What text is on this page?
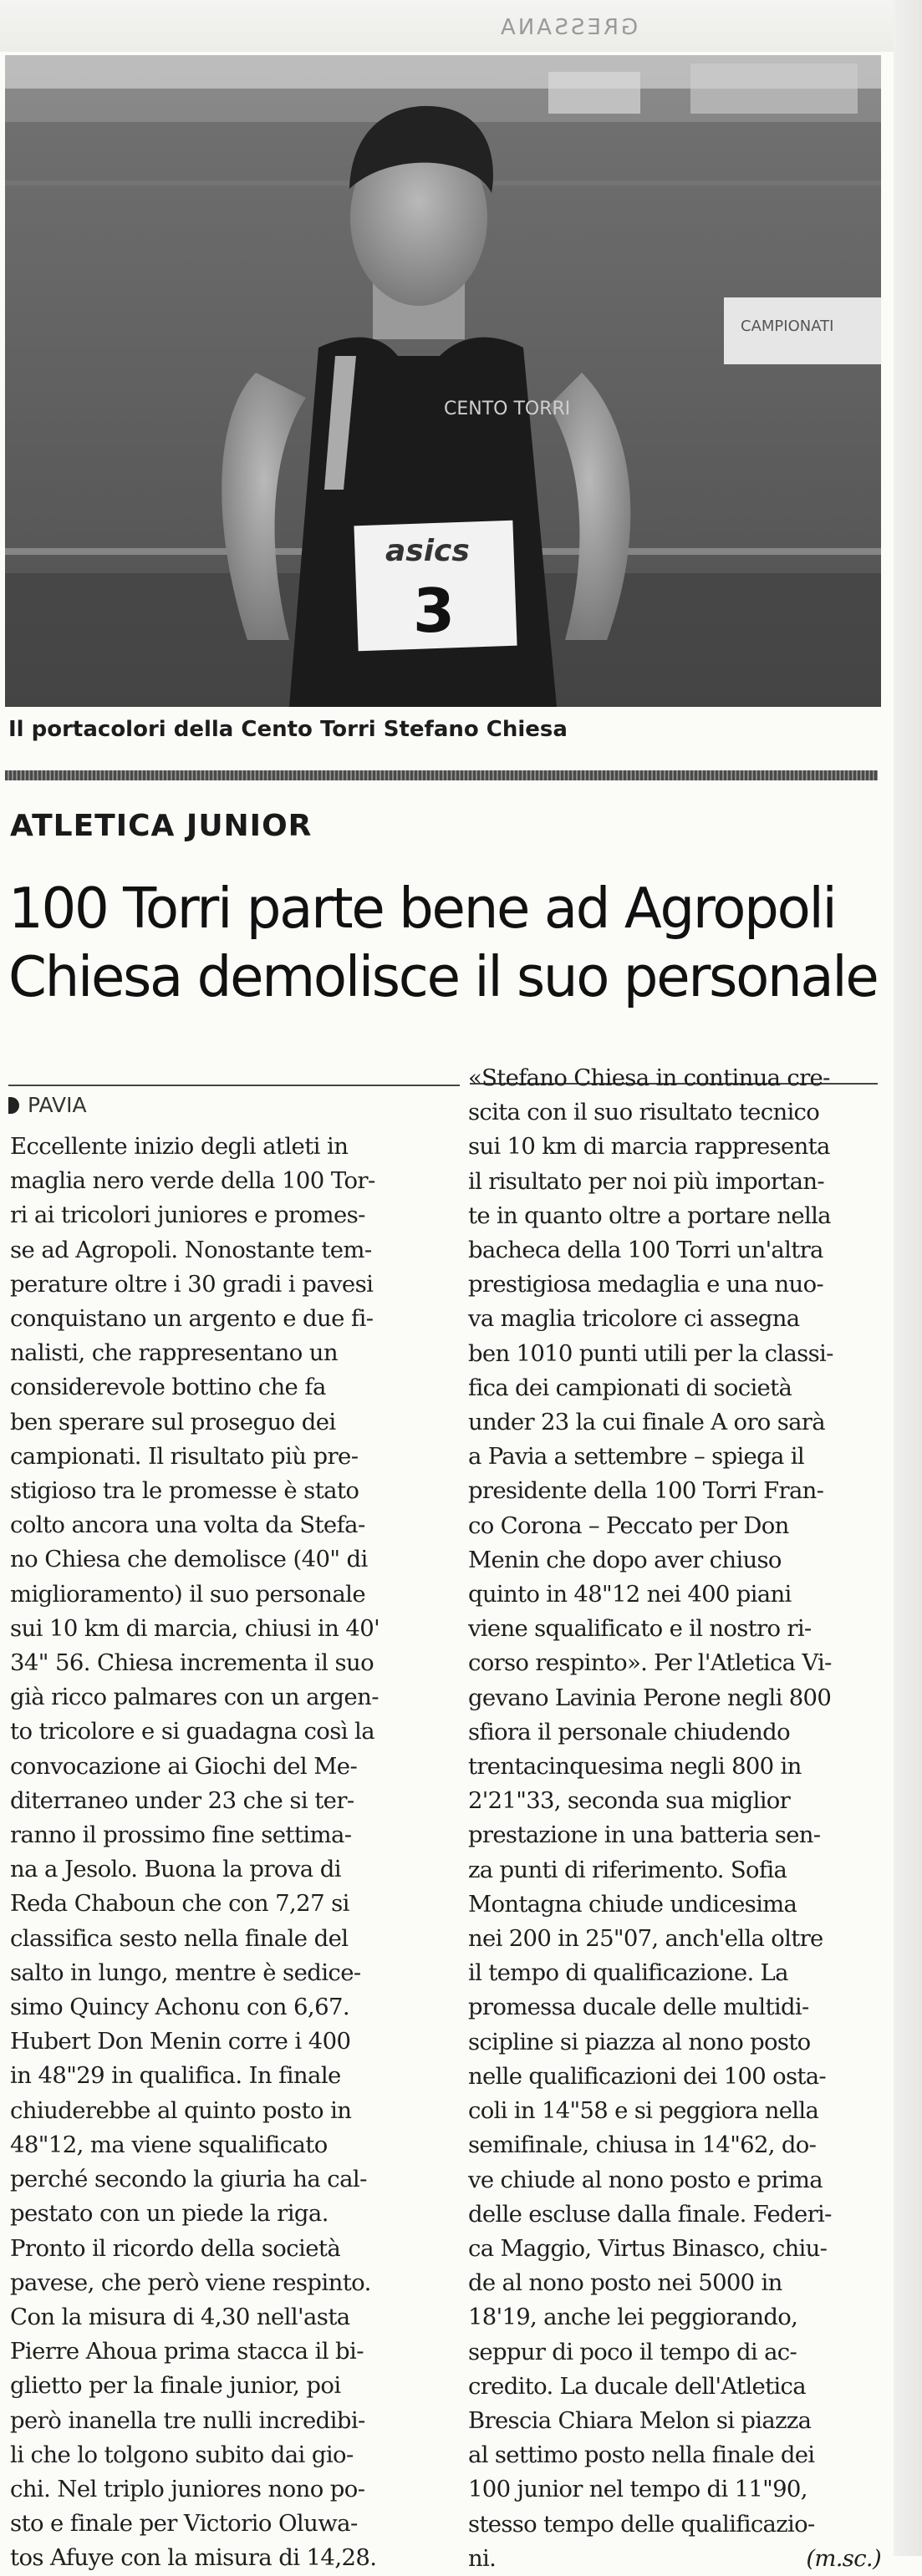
GRESSANA
CAMPIONATI
CENTO TORRI
asics
3
Il portacolori della Cento Torri Stefano Chiesa
ATLETICA JUNIOR
100 Torri parte bene ad Agropoli
Chiesa demolisce il suo personale
PAVIA
Eccellente inizio degli atleti in
maglia nero verde della 100 Tor-
ri ai tricolori juniores e promes-
se ad Agropoli. Nonostante tem-
perature oltre i 30 gradi i pavesi
conquistano un argento e due fi-
nalisti, che rappresentano un
considerevole bottino che fa
ben sperare sul proseguo dei
campionati. Il risultato più pre-
stigioso tra le promesse è stato
colto ancora una volta da Stefa-
no Chiesa che demolisce (40" di
miglioramento) il suo personale
sui 10 km di marcia, chiusi in 40'
34" 56. Chiesa incrementa il suo
già ricco palmares con un argen-
to tricolore e si guadagna così la
convocazione ai Giochi del Me-
diterraneo under 23 che si ter-
ranno il prossimo fine settima-
na a Jesolo. Buona la prova di
Reda Chaboun che con 7,27 si
classifica sesto nella finale del
salto in lungo, mentre è sedice-
simo Quincy Achonu con 6,67.
Hubert Don Menin corre i 400
in 48"29 in qualifica. In finale
chiuderebbe al quinto posto in
48"12, ma viene squalificato
perché secondo la giuria ha cal-
pestato con un piede la riga.
Pronto il ricordo della società
pavese, che però viene respinto.
Con la misura di 4,30 nell'asta
Pierre Ahoua prima stacca il bi-
glietto per la finale junior, poi
però inanella tre nulli incredibi-
li che lo tolgono subito dai gio-
chi. Nel triplo juniores nono po-
sto e finale per Victorio Oluwa-
tos Afuye con la misura di 14,28.
«Stefano Chiesa in continua cre-
scita con il suo risultato tecnico
sui 10 km di marcia rappresenta
il risultato per noi più importan-
te in quanto oltre a portare nella
bacheca della 100 Torri un'altra
prestigiosa medaglia e una nuo-
va maglia tricolore ci assegna
ben 1010 punti utili per la classi-
fica dei campionati di società
under 23 la cui finale A oro sarà
a Pavia a settembre – spiega il
presidente della 100 Torri Fran-
co Corona – Peccato per Don
Menin che dopo aver chiuso
quinto in 48"12 nei 400 piani
viene squalificato e il nostro ri-
corso respinto». Per l'Atletica Vi-
gevano Lavinia Perone negli 800
sfiora il personale chiudendo
trentacinquesima negli 800 in
2'21"33, seconda sua miglior
prestazione in una batteria sen-
za punti di riferimento. Sofia
Montagna chiude undicesima
nei 200 in 25"07, anch'ella oltre
il tempo di qualificazione. La
promessa ducale delle multidi-
scipline si piazza al nono posto
nelle qualificazioni dei 100 osta-
coli in 14"58 e si peggiora nella
semifinale, chiusa in 14"62, do-
ve chiude al nono posto e prima
delle escluse dalla finale. Federi-
ca Maggio, Virtus Binasco, chiu-
de al nono posto nei 5000 in
18'19, anche lei peggiorando,
seppur di poco il tempo di ac-
credito. La ducale dell'Atletica
Brescia Chiara Melon si piazza
al settimo posto nella finale dei
100 junior nel tempo di 11"90,
stesso tempo delle qualificazio-
ni.	(m.sc.)
